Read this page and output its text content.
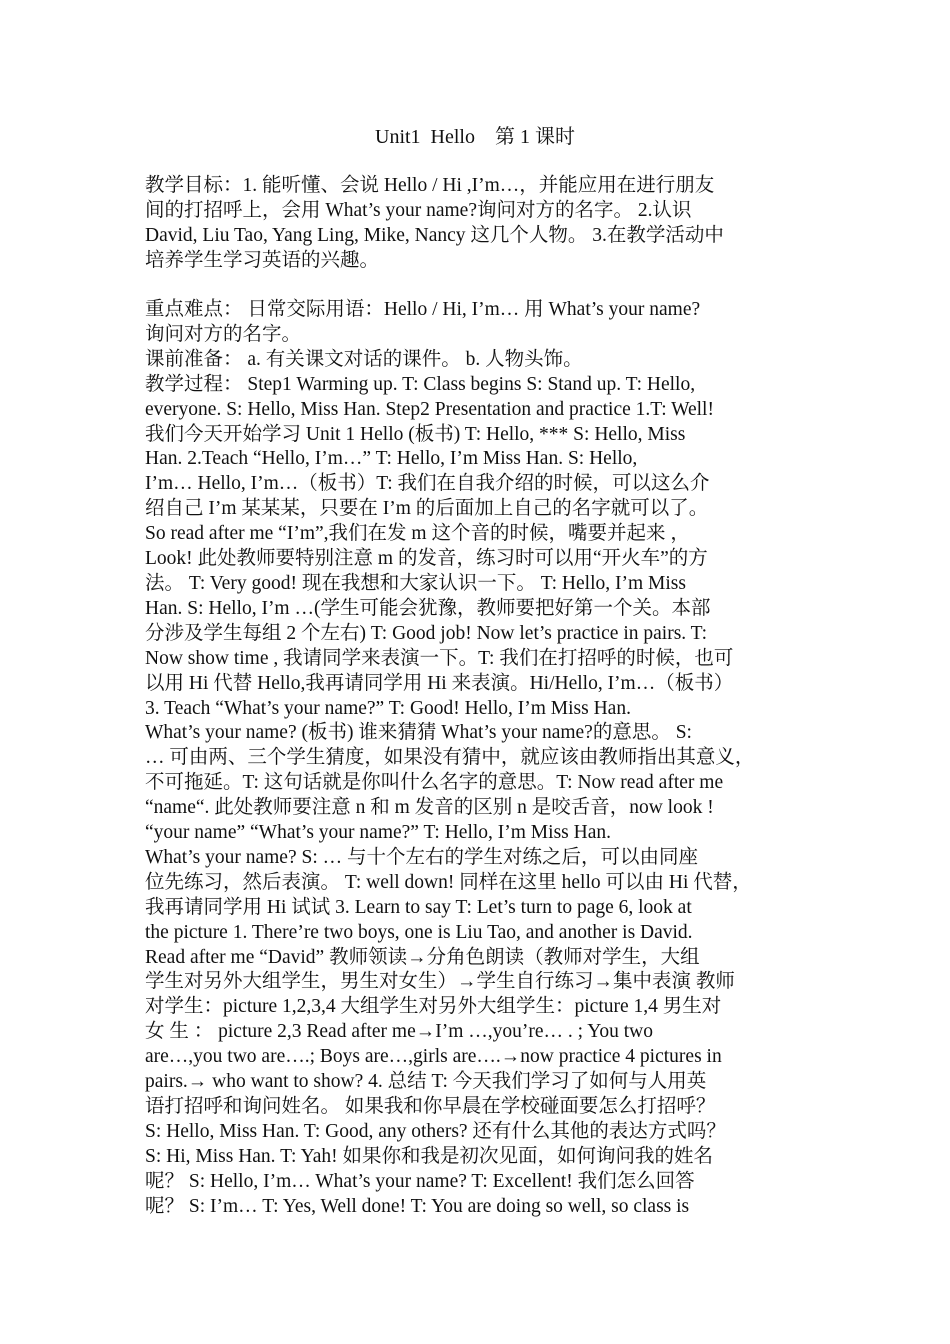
Unit1  Hello    第 1 课时
教学目标：1. 能听懂、会说 Hello / Hi ,I’m…，并能应用在进行朋友
间的打招呼上，会用 What’s your name?询问对方的名字。 2.认识
David, Liu Tao, Yang Ling, Mike, Nancy 这几个人物。 3.在教学活动中
培养学生学习英语的兴趣。
重点难点： 日常交际用语：Hello / Hi, I’m… 用 What’s your name?
询问对方的名字。
课前准备： a. 有关课文对话的课件。 b. 人物头饰。
教学过程： Step1 Warming up. T: Class begins S: Stand up. T: Hello,
everyone. S: Hello, Miss Han. Step2 Presentation and practice 1.T: Well!
我们今天开始学习 Unit 1 Hello (板书) T: Hello, *** S: Hello, Miss
Han. 2.Teach “Hello, I’m…” T: Hello, I’m Miss Han. S: Hello,
I’m… Hello, I’m…（板书）T: 我们在自我介绍的时候，可以这么介
绍自己 I’m 某某某，只要在 I’m 的后面加上自己的名字就可以了。
So read after me “I’m”,我们在发 m 这个音的时候，嘴要并起来 ，
Look! 此处教师要特别注意 m 的发音，练习时可以用“开火车”的方
法。 T: Very good! 现在我想和大家认识一下。 T: Hello, I’m Miss
Han. S: Hello, I’m …(学生可能会犹豫，教师要把好第一个关。本部
分涉及学生每组 2 个左右) T: Good job! Now let’s practice in pairs. T:
Now show time , 我请同学来表演一下。T: 我们在打招呼的时候，也可
以用 Hi 代替 Hello,我再请同学用 Hi 来表演。Hi/Hello, I’m…（板书）
3. Teach “What’s your name?” T: Good! Hello, I’m Miss Han.
What’s your name? (板书) 谁来猜猜 What’s your name?的意思。 S:
… 可由两、三个学生猜度，如果没有猜中，就应该由教师指出其意义，
不可拖延。T: 这句话就是你叫什么名字的意思。T: Now read after me
“name“. 此处教师要注意 n 和 m 发音的区别 n 是咬舌音，now look !
“your name” “What’s your name?” T: Hello, I’m Miss Han.
What’s your name? S: … 与十个左右的学生对练之后，可以由同座
位先练习，然后表演。 T: well down! 同样在这里 hello 可以由 Hi 代替，
我再请同学用 Hi 试试 3. Learn to say T: Let’s turn to page 6, look at
the picture 1. There’re two boys, one is Liu Tao, and another is David.
Read after me “David” 教师领读→分角色朗读（教师对学生，大组
学生对另外大组学生，男生对女生）→学生自行练习→集中表演 教师
对学生：picture 1,2,3,4 大组学生对另外大组学生：picture 1,4 男生对
女 生 ： picture 2,3 Read after me→I’m …,you’re… . ; You two
are…,you two are….; Boys are…,girls are….→now practice 4 pictures in
pairs.→ who want to show? 4. 总结 T: 今天我们学习了如何与人用英
语打招呼和询问姓名。 如果我和你早晨在学校碰面要怎么打招呼？
S: Hello, Miss Han. T: Good, any others? 还有什么其他的表达方式吗？
S: Hi, Miss Han. T: Yah! 如果你和我是初次见面，如何询问我的姓名
呢？ S: Hello, I’m… What’s your name? T: Excellent! 我们怎么回答
呢？ S: I’m… T: Yes, Well done! T: You are doing so well, so class is
